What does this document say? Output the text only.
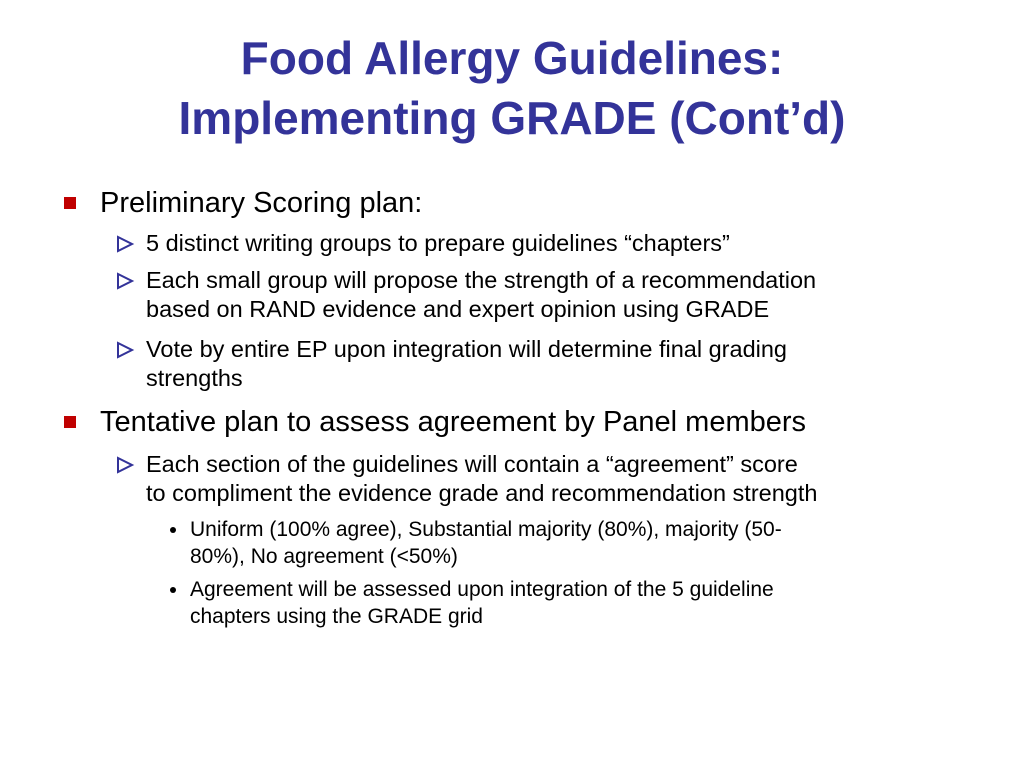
Food Allergy Guidelines:
Implementing GRADE (Cont’d)
Preliminary Scoring plan:
5 distinct writing groups to prepare guidelines “chapters”
Each small group will propose the strength of a recommendation
based on RAND evidence and expert opinion using GRADE
Vote by entire EP upon integration will determine final grading
strengths
Tentative plan to assess agreement by Panel members
Each section of the guidelines will contain a “agreement” score
to compliment the evidence grade and recommendation strength
Uniform (100% agree), Substantial majority (80%), majority (50-
80%), No agreement (<50%)
Agreement will be assessed upon integration of the 5 guideline
chapters using the GRADE grid
